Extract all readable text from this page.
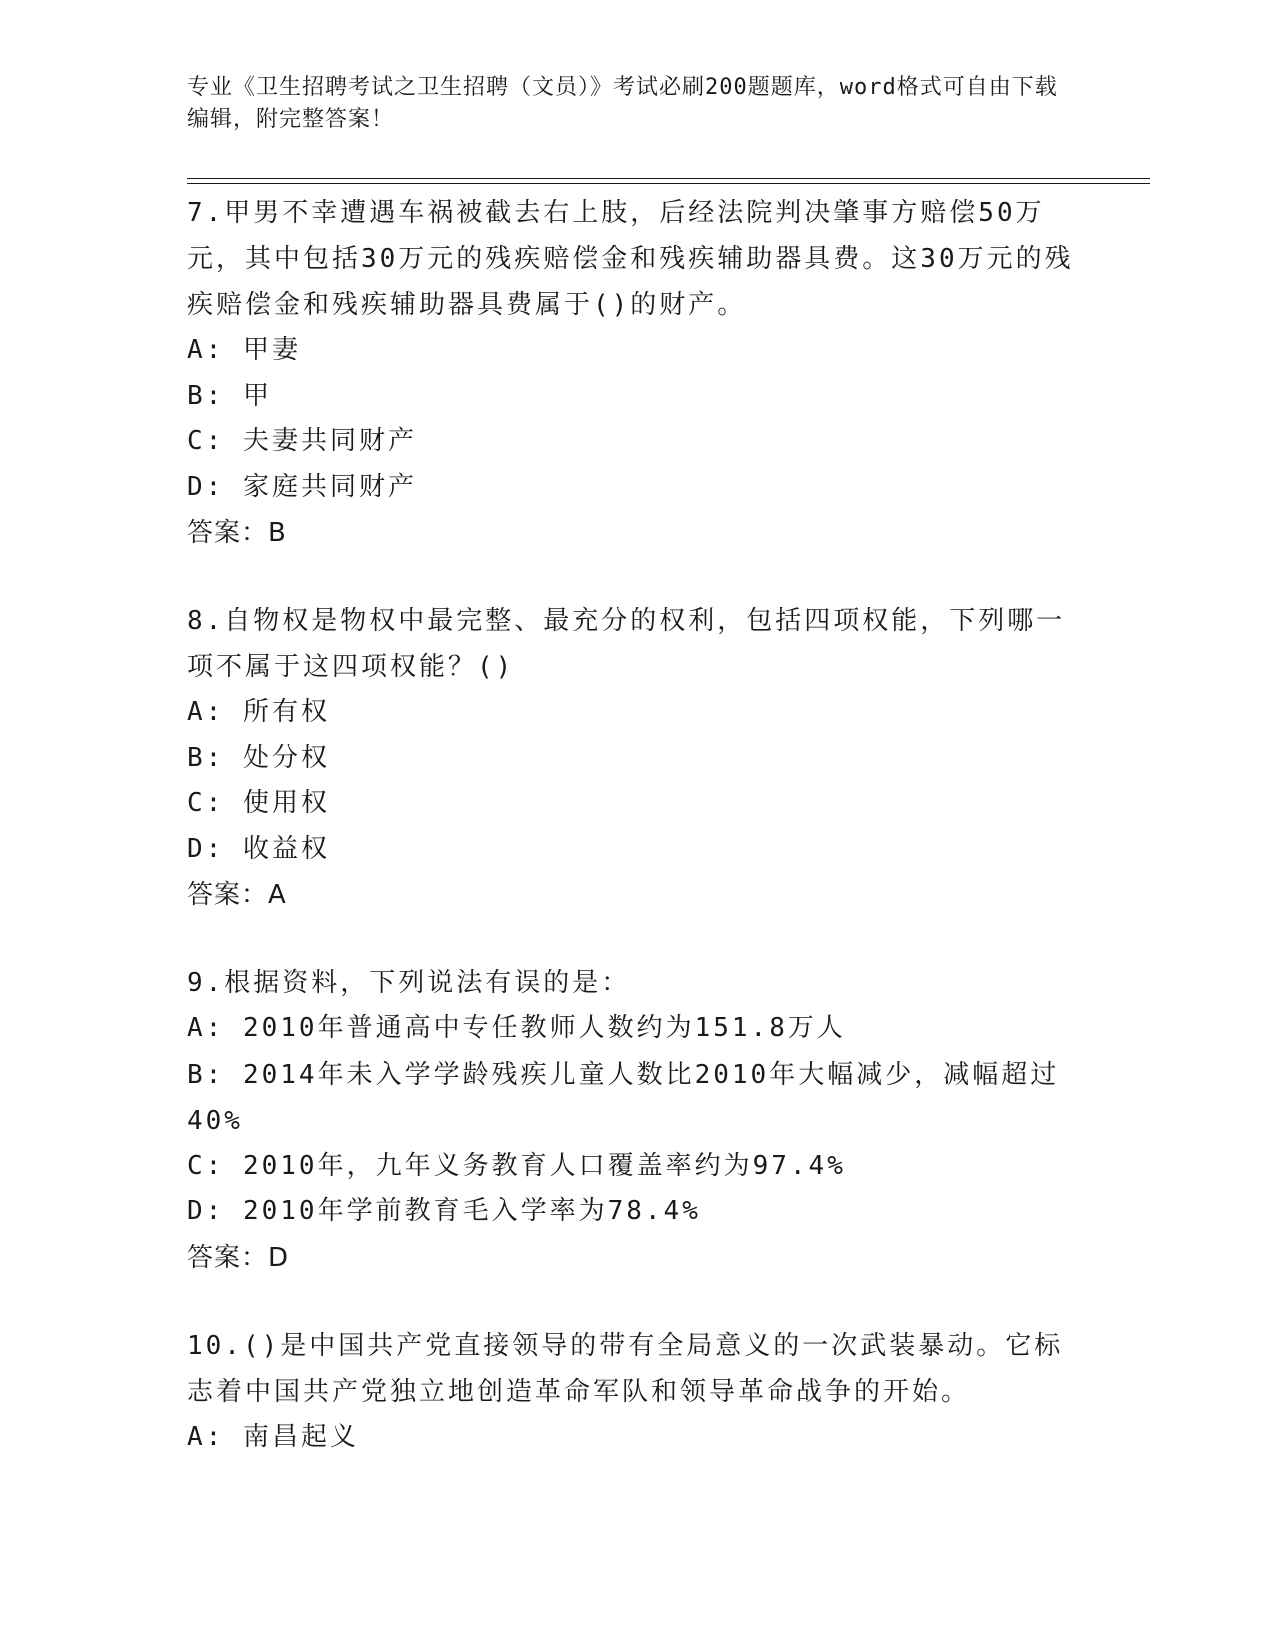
专业《卫生招聘考试之卫生招聘（文员）》考试必刷200题题库，word格式可自由下载编辑，附完整答案！
7.甲男不幸遭遇车祸被截去右上肢，后经法院判决肇事方赔偿50万元，其中包括30万元的残疾赔偿金和残疾辅助器具费。这30万元的残疾赔偿金和残疾辅助器具费属于()的财产。
A:
甲妻
B:
甲
C:
夫妻共同财产
D:
家庭共同财产
答案：B
8.自物权是物权中最完整、最充分的权利，包括四项权能，下列哪一项不属于这四项权能？()
A:
所有权
B:
处分权
C:
使用权
D:
收益权
答案：A
9.根据资料，下列说法有误的是：
A:
2010年普通高中专任教师人数约为151.8万人
B: 2014年未入学学龄残疾儿童人数比2010年大幅减少，减幅超过40%
C:
2010年，九年义务教育人口覆盖率约为97.4%
D:
2010年学前教育毛入学率为78.4%
答案：D
10.()是中国共产党直接领导的带有全局意义的一次武装暴动。它标志着中国共产党独立地创造革命军队和领导革命战争的开始。
A:
南昌起义
